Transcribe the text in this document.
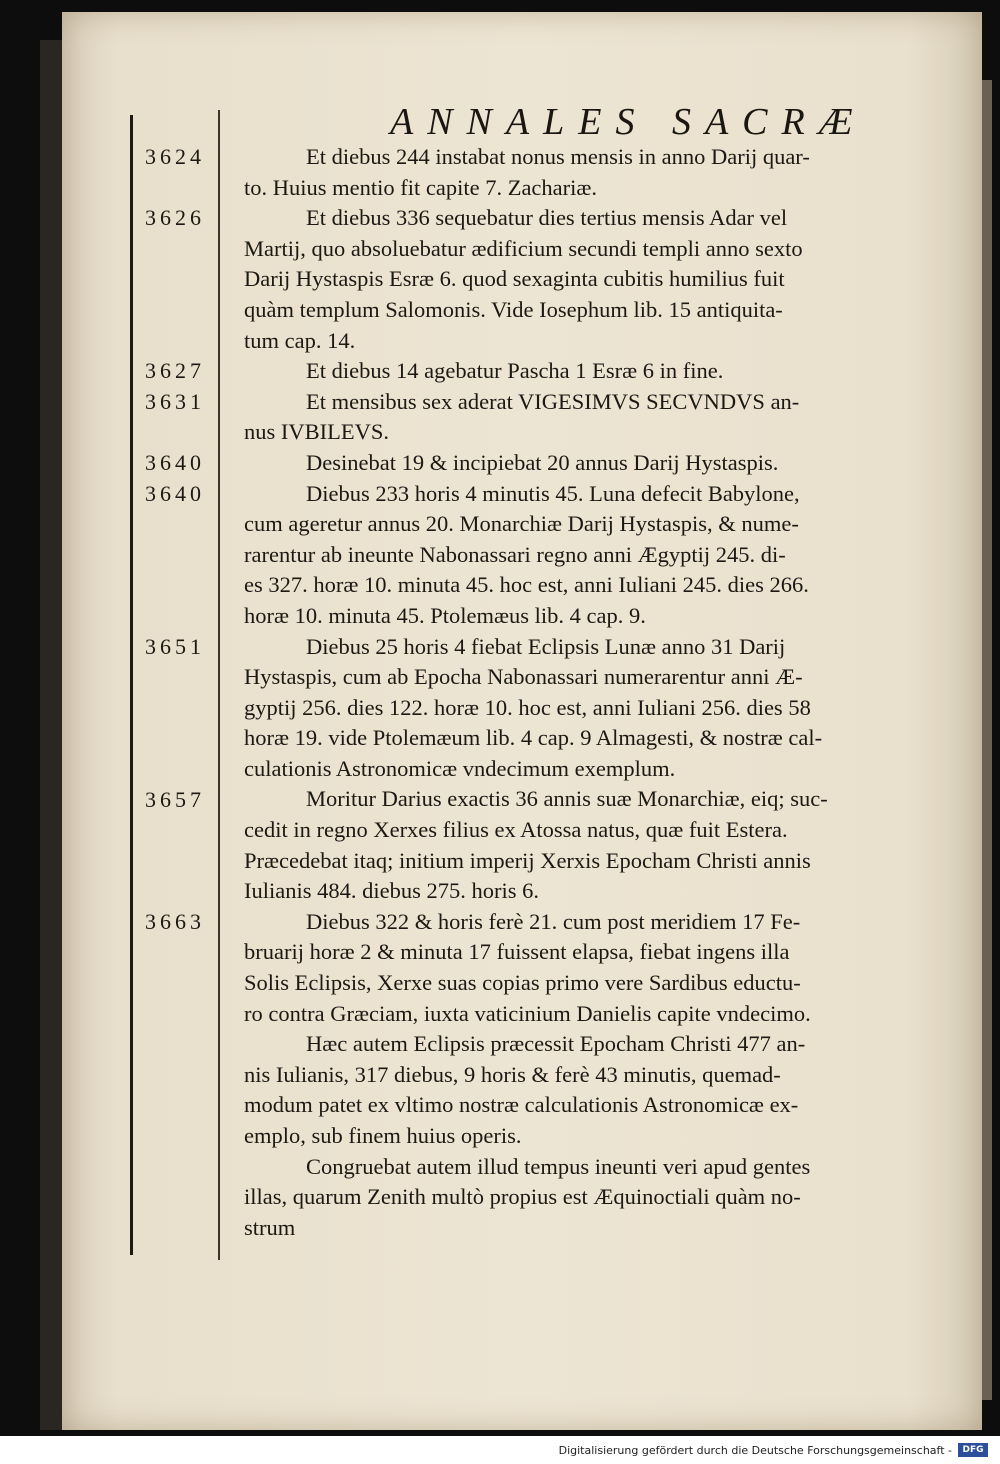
ANNALES SACRÆ
3624
3626
3627
3631
3640
3640
3651
3657
3663
Et diebus 244 instabat nonus mensis in anno Darij quar-
to. Huius mentio fit capite 7. Zachariæ.
Et diebus 336 sequebatur dies tertius mensis Adar vel
Martij, quo absoluebatur ædificium secundi templi anno sexto
Darij Hystaspis Esræ 6. quod sexaginta cubitis humilius fuit
quàm templum Salomonis. Vide Iosephum lib. 15 antiquita-
tum cap. 14.
Et diebus 14 agebatur Pascha 1 Esræ 6 in fine.
Et mensibus sex aderat VIGESIMVS SECVNDVS an-
nus IVBILEVS.
Desinebat 19 & incipiebat 20 annus Darij Hystaspis.
Diebus 233 horis 4 minutis 45. Luna defecit Babylone,
cum ageretur annus 20. Monarchiæ Darij Hystaspis, & nume-
rarentur ab ineunte Nabonassari regno anni Ægyptij 245. di-
es 327. horæ 10. minuta 45. hoc est, anni Iuliani 245. dies 266.
horæ 10. minuta 45. Ptolemæus lib. 4 cap. 9.
Diebus 25 horis 4 fiebat Eclipsis Lunæ anno 31 Darij
Hystaspis, cum ab Epocha Nabonassari numerarentur anni Æ-
gyptij 256. dies 122. horæ 10. hoc est, anni Iuliani 256. dies 58
horæ 19. vide Ptolemæum lib. 4 cap. 9 Almagesti, & nostræ cal-
culationis Astronomicæ vndecimum exemplum.
Moritur Darius exactis 36 annis suæ Monarchiæ, eiq; suc-
cedit in regno Xerxes filius ex Atossa natus, quæ fuit Estera.
Præcedebat itaq; initium imperij Xerxis Epocham Christi annis
Iulianis 484. diebus 275. horis 6.
Diebus 322 & horis ferè 21. cum post meridiem 17 Fe-
bruarij horæ 2 & minuta 17 fuissent elapsa, fiebat ingens illa
Solis Eclipsis, Xerxe suas copias primo vere Sardibus eductu-
ro contra Græciam, iuxta vaticinium Danielis capite vndecimo.
Hæc autem Eclipsis præcessit Epocham Christi 477 an-
nis Iulianis, 317 diebus, 9 horis & ferè 43 minutis, quemad-
modum patet ex vltimo nostræ calculationis Astronomicæ ex-
emplo, sub finem huius operis.
Congruebat autem illud tempus ineunti veri apud gentes
illas, quarum Zenith multò propius est Æquinoctiali quàm no-
strum
Digitalisierung gefördert durch die Deutsche Forschungsgemeinschaft -	DFG
